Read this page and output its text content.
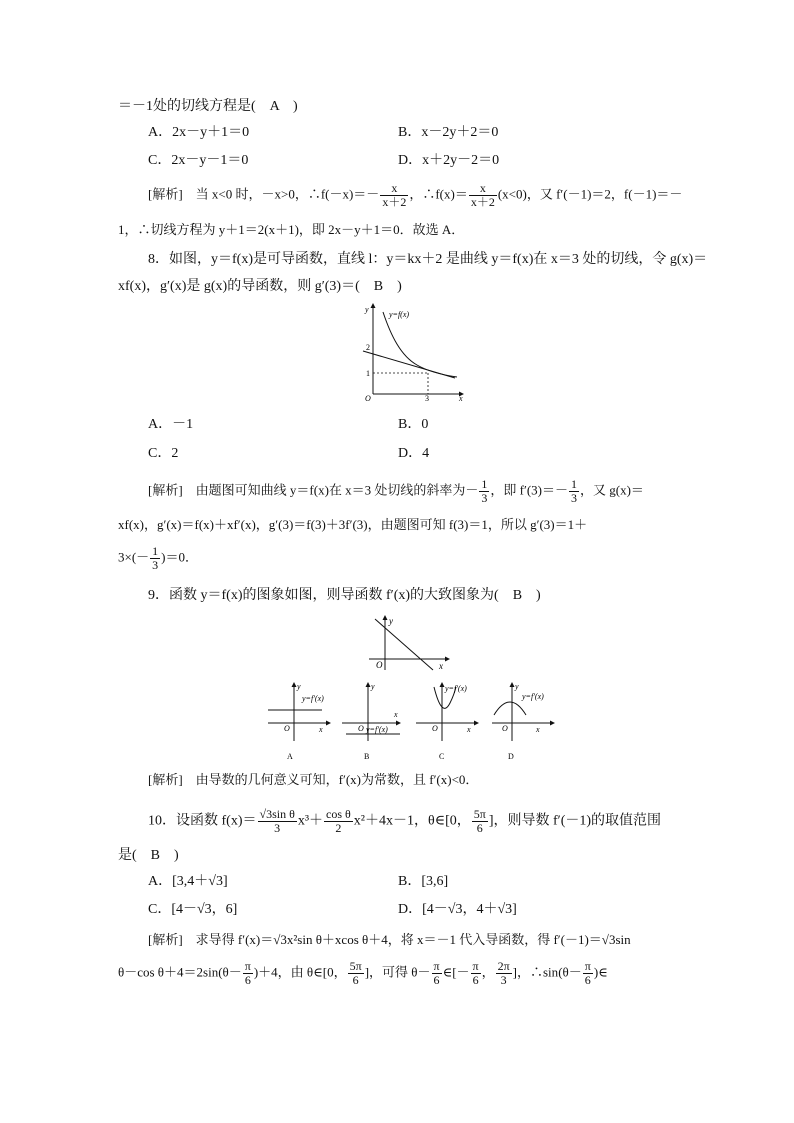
＝－1处的切线方程是(　A　)
A．2x－y＋1＝0	B．x－2y＋2＝0
C．2x－y－1＝0	D．x＋2y－2＝0
[解析]　当 x<0 时，－x>0，∴f(－x)＝－ $\frac{x}{x+2}$ ，∴f(x)＝ $\frac{x}{x+2} (x<0)$，又 f′(－1)＝2，f(－1)＝－
1，∴切线方程为 y＋1＝2(x＋1)，即 2x－y＋1＝0．故选 A．
8．如图，y＝f(x)是可导函数，直线 l：y＝kx＋2 是曲线 y＝f(x)在 x＝3 处的切线，令 g(x)＝
xf(x)，g′(x)是 g(x)的导函数，则 g′(3)＝(　B　)
y
x
O
y=f(x)
2
1
3
A．－1	B．0
C．2	D．4
[解析]　由题图可知曲线 y＝f(x)在 x＝3 处切线的斜率为－ $\frac{1}{3}$ ，即 $f'(3)=- \frac{1}{3}$ ，又 g(x)＝
xf(x)，g′(x)＝f(x)＋xf′(x)，g′(3)＝f(3)＋3f′(3)，由题图可知 f(3)＝1，所以 g′(3)＝1＋
$3\times(- \frac{1}{3} )=0$．
9．函数 y＝f(x)的图象如图，则导函数 f′(x)的大致图象为(　B　)
y
x
O
y
y=f′(x)
O	x
A
y
O
x
y=f′(x)
B
y=f′(x)
O	x
C
y
y=f′(x)
O	x
D
[解析]　由导数的几何意义可知，f′(x)为常数，且 f′(x)<0．
10．设函数 $f(x)= \frac{\text{√3sin θ}}{3} x^3+ \frac{\text{cos θ}}{2} x^2+4x-1$，θ∈[0， $\frac{5\pi}{6}$ ]，则导数 f′(－1)的取值范围
是(　B　)
A．[3,4＋√3]	B．[3,6]
C．[4－√3，6]	D．[4－√3，4＋√3]
[解析]　求导得 f′(x)＝√3x²sin θ＋xcos θ＋4，将 x＝－1 代入导函数，得 f′(－1)＝√3sin
θ－cos $\theta+4=2\sin(\theta- \frac{\pi}{6} )+4$，由 θ∈[0， $\frac{5\pi}{6}$ ]，可得 $\theta- \frac{\pi}{6}$ ∈[－ $\frac{\pi}{6}$ ， $\frac{2\pi}{3}$ ]，∴sin(θ－ $\frac{\pi}{6}$ )∈
